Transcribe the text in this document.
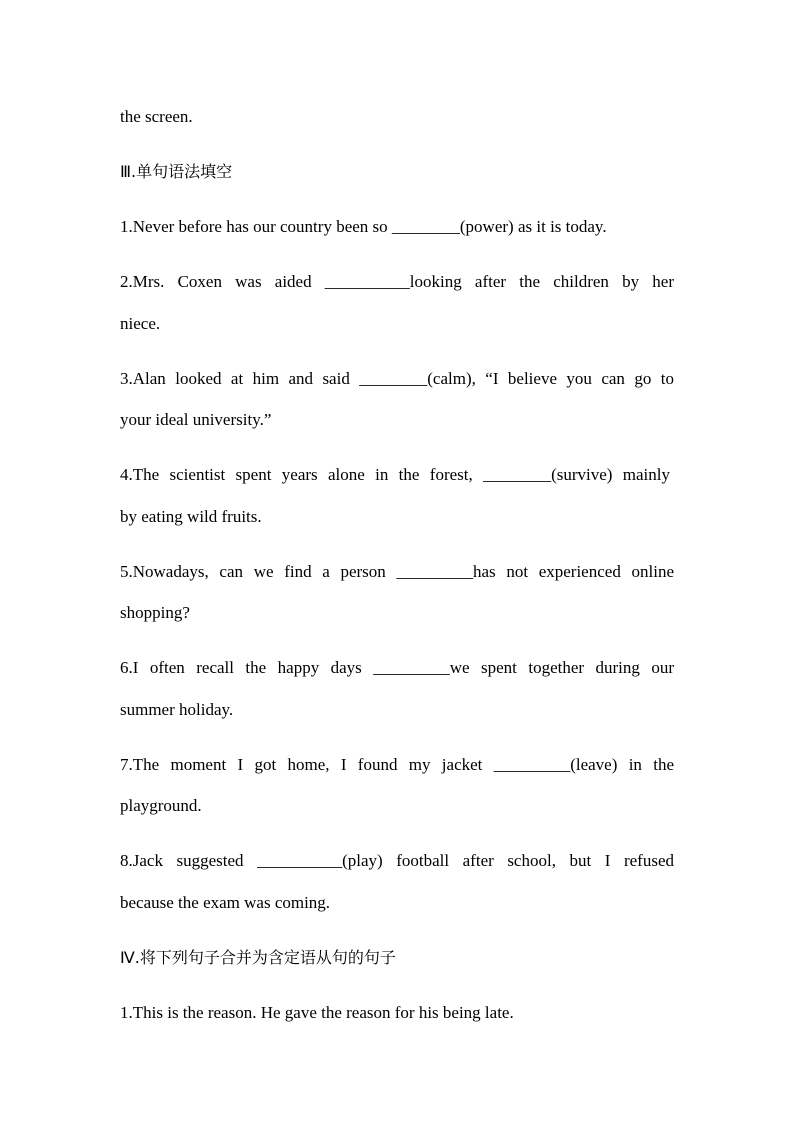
the screen.

Ⅲ.单句语法填空

1.Never before has our country been so ________(power) as it is today.

2.Mrs. Coxen was aided __________looking after the children by her

niece.

3.Alan looked at him and said ________(calm), “I believe you can go to

your ideal university.”

4.The scientist spent years alone in the forest, ________(survive) mainly

by eating wild fruits.

5.Nowadays, can we find a person _________has not experienced online

shopping?

6.I often recall the happy days _________we spent together during our

summer holiday.

7.The moment I got home, I found my jacket _________(leave) in the

playground.

8.Jack suggested __________(play) football after school, but I refused

because the exam was coming.

Ⅳ.将下列句子合并为含定语从句的句子

1.This is the reason. He gave the reason for his being late.
